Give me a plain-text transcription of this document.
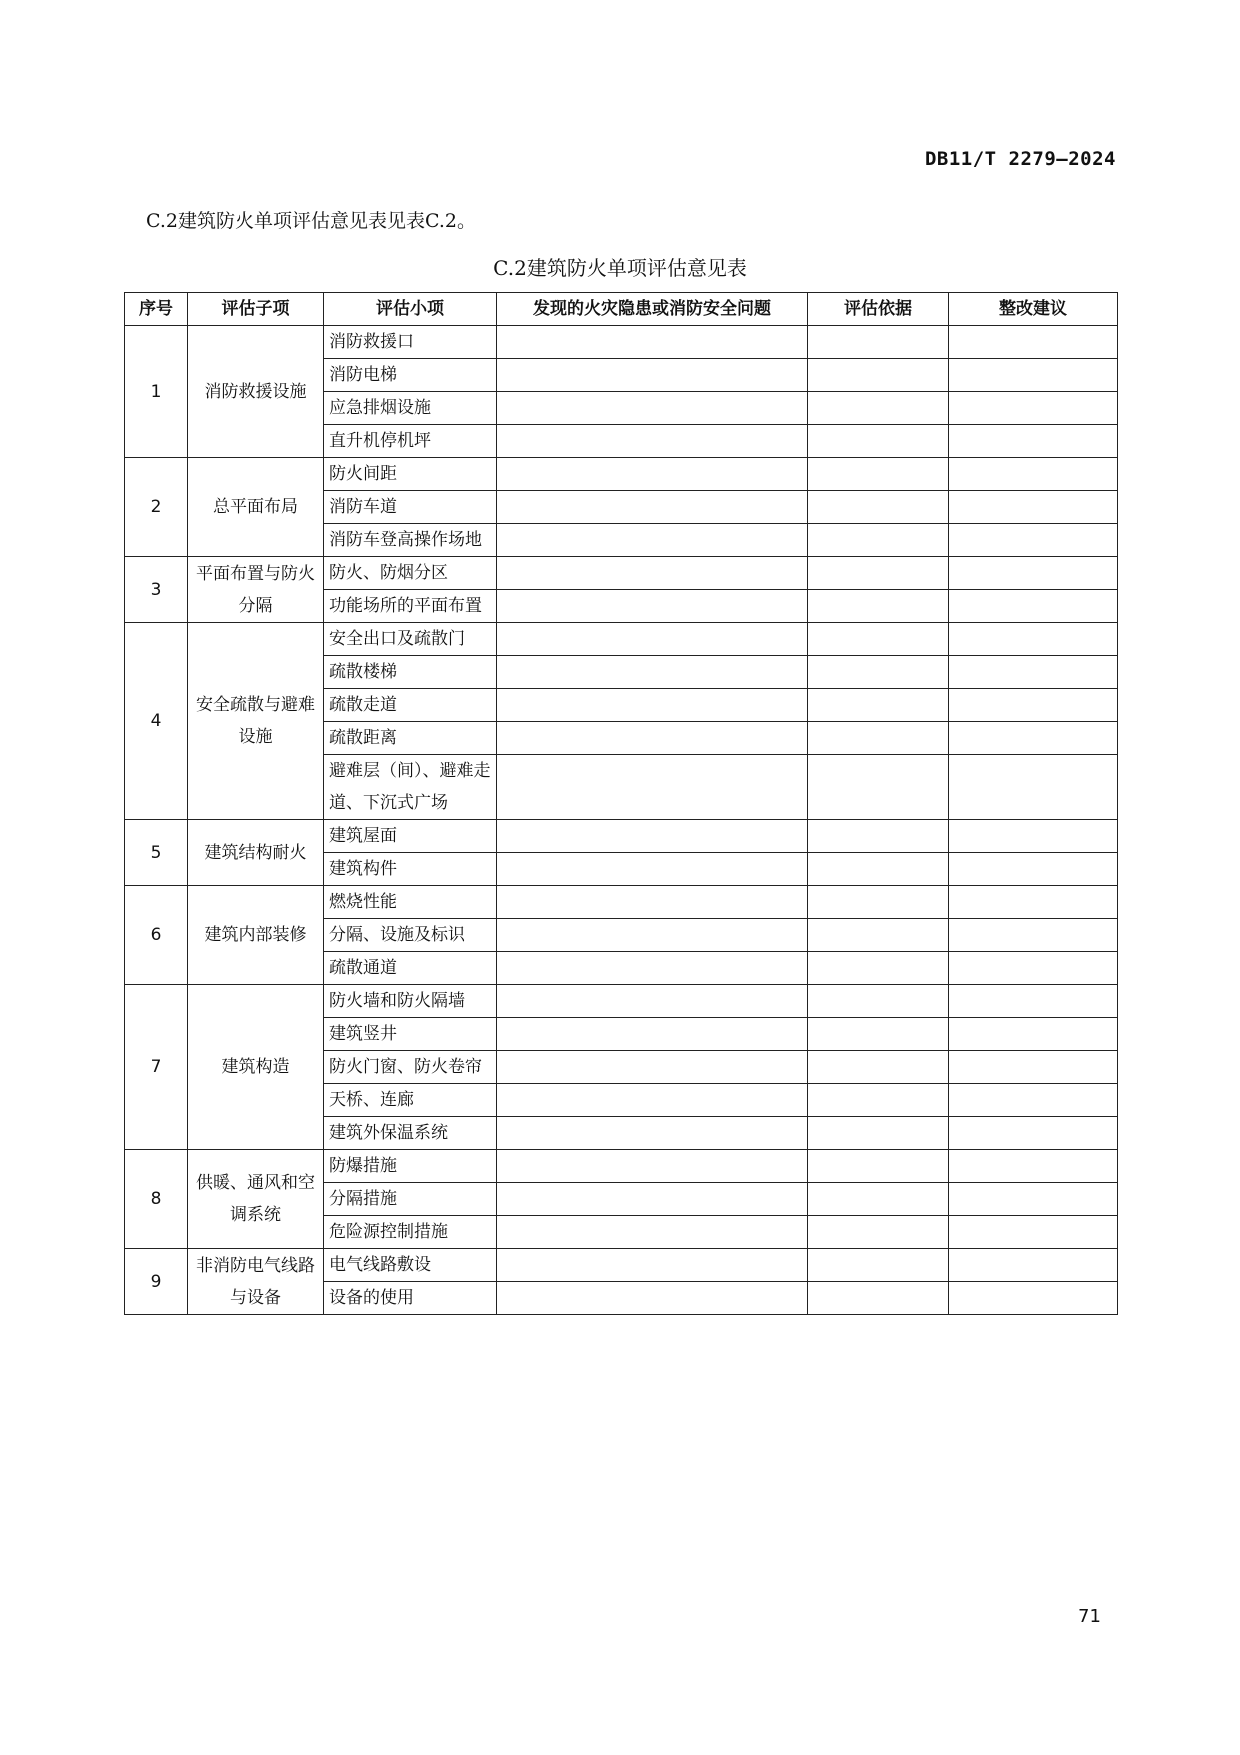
DB11/T 2279—2024
C.2建筑防火单项评估意见表见表C.2。
C.2建筑防火单项评估意见表
序号	评估子项	评估小项	发现的火灾隐患或消防安全问题	评估依据	整改建议
1	消防救援设施	消防救援口			
		消防电梯			
		应急排烟设施			
		直升机停机坪			
2	总平面布局	防火间距			
		消防车道			
		消防车登高操作场地			
3	平面布置与防火分隔	防火、防烟分区			
		功能场所的平面布置			
4	安全疏散与避难设施	安全出口及疏散门			
		疏散楼梯			
		疏散走道			
		疏散距离			
		避难层（间）、避难走道、下沉式广场			
5	建筑结构耐火	建筑屋面			
		建筑构件			
6	建筑内部装修	燃烧性能			
		分隔、设施及标识			
		疏散通道			
7	建筑构造	防火墙和防火隔墙			
		建筑竖井			
		防火门窗、防火卷帘			
		天桥、连廊			
		建筑外保温系统			
8	供暖、通风和空调系统	防爆措施			
		分隔措施			
		危险源控制措施			
9	非消防电气线路与设备	电气线路敷设			
		设备的使用			
71
